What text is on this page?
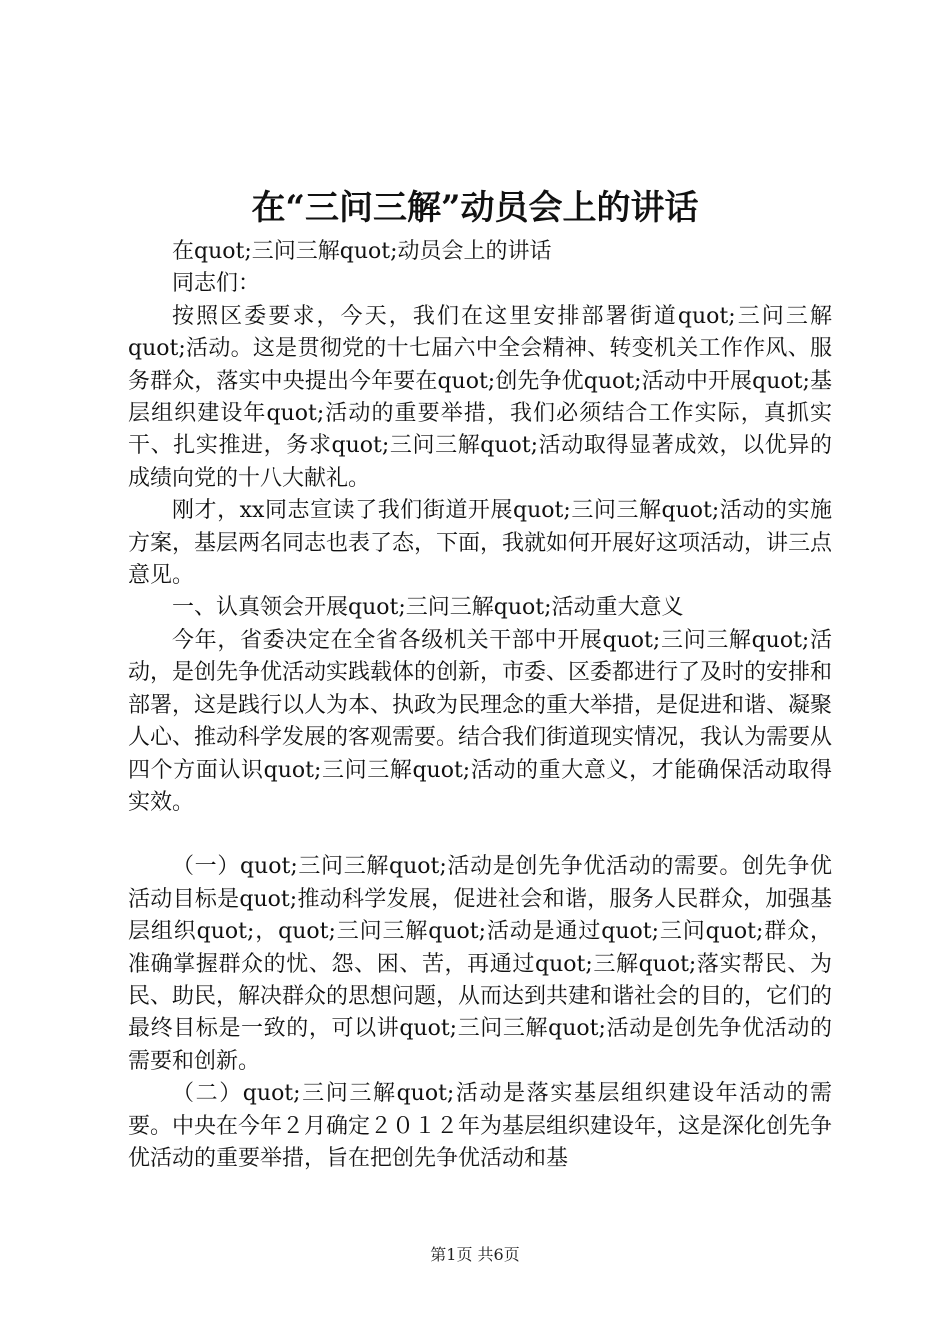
在“三问三解”动员会上的讲话

在quot;三问三解quot;动员会上的讲话

同志们：

按照区委要求，今天，我们在这里安排部署街道quot;三问三解quot;活动。这是贯彻党的十七届六中全会精神、转变机关工作作风、服务群众，落实中央提出今年要在quot;创先争优quot;活动中开展quot;基层组织建设年quot;活动的重要举措，我们必须结合工作实际，真抓实干、扎实推进，务求quot;三问三解quot;活动取得显著成效，以优异的成绩向党的十八大献礼。

刚才，xx同志宣读了我们街道开展quot;三问三解quot;活动的实施方案，基层两名同志也表了态，下面，我就如何开展好这项活动，讲三点意见。

一、认真领会开展quot;三问三解quot;活动重大意义

今年，省委决定在全省各级机关干部中开展quot;三问三解quot;活动，是创先争优活动实践载体的创新，市委、区委都进行了及时的安排和部署，这是践行以人为本、执政为民理念的重大举措，是促进和谐、凝聚人心、推动科学发展的客观需要。结合我们街道现实情况，我认为需要从四个方面认识quot;三问三解quot;活动的重大意义，才能确保活动取得实效。

（一）quot;三问三解quot;活动是创先争优活动的需要。创先争优活动目标是quot;推动科学发展，促进社会和谐，服务人民群众，加强基层组织quot;，quot;三问三解quot;活动是通过quot;三问quot;群众，准确掌握群众的忧、怨、困、苦，再通过quot;三解quot;落实帮民、为民、助民，解决群众的思想问题，从而达到共建和谐社会的目的，它们的最终目标是一致的，可以讲quot;三问三解quot;活动是创先争优活动的需要和创新。

（二）quot;三问三解quot;活动是落实基层组织建设年活动的需要。中央在今年２月确定２０１２年为基层组织建设年，这是深化创先争优活动的重要举措，旨在把创先争优活动和基

第1页 共6页
